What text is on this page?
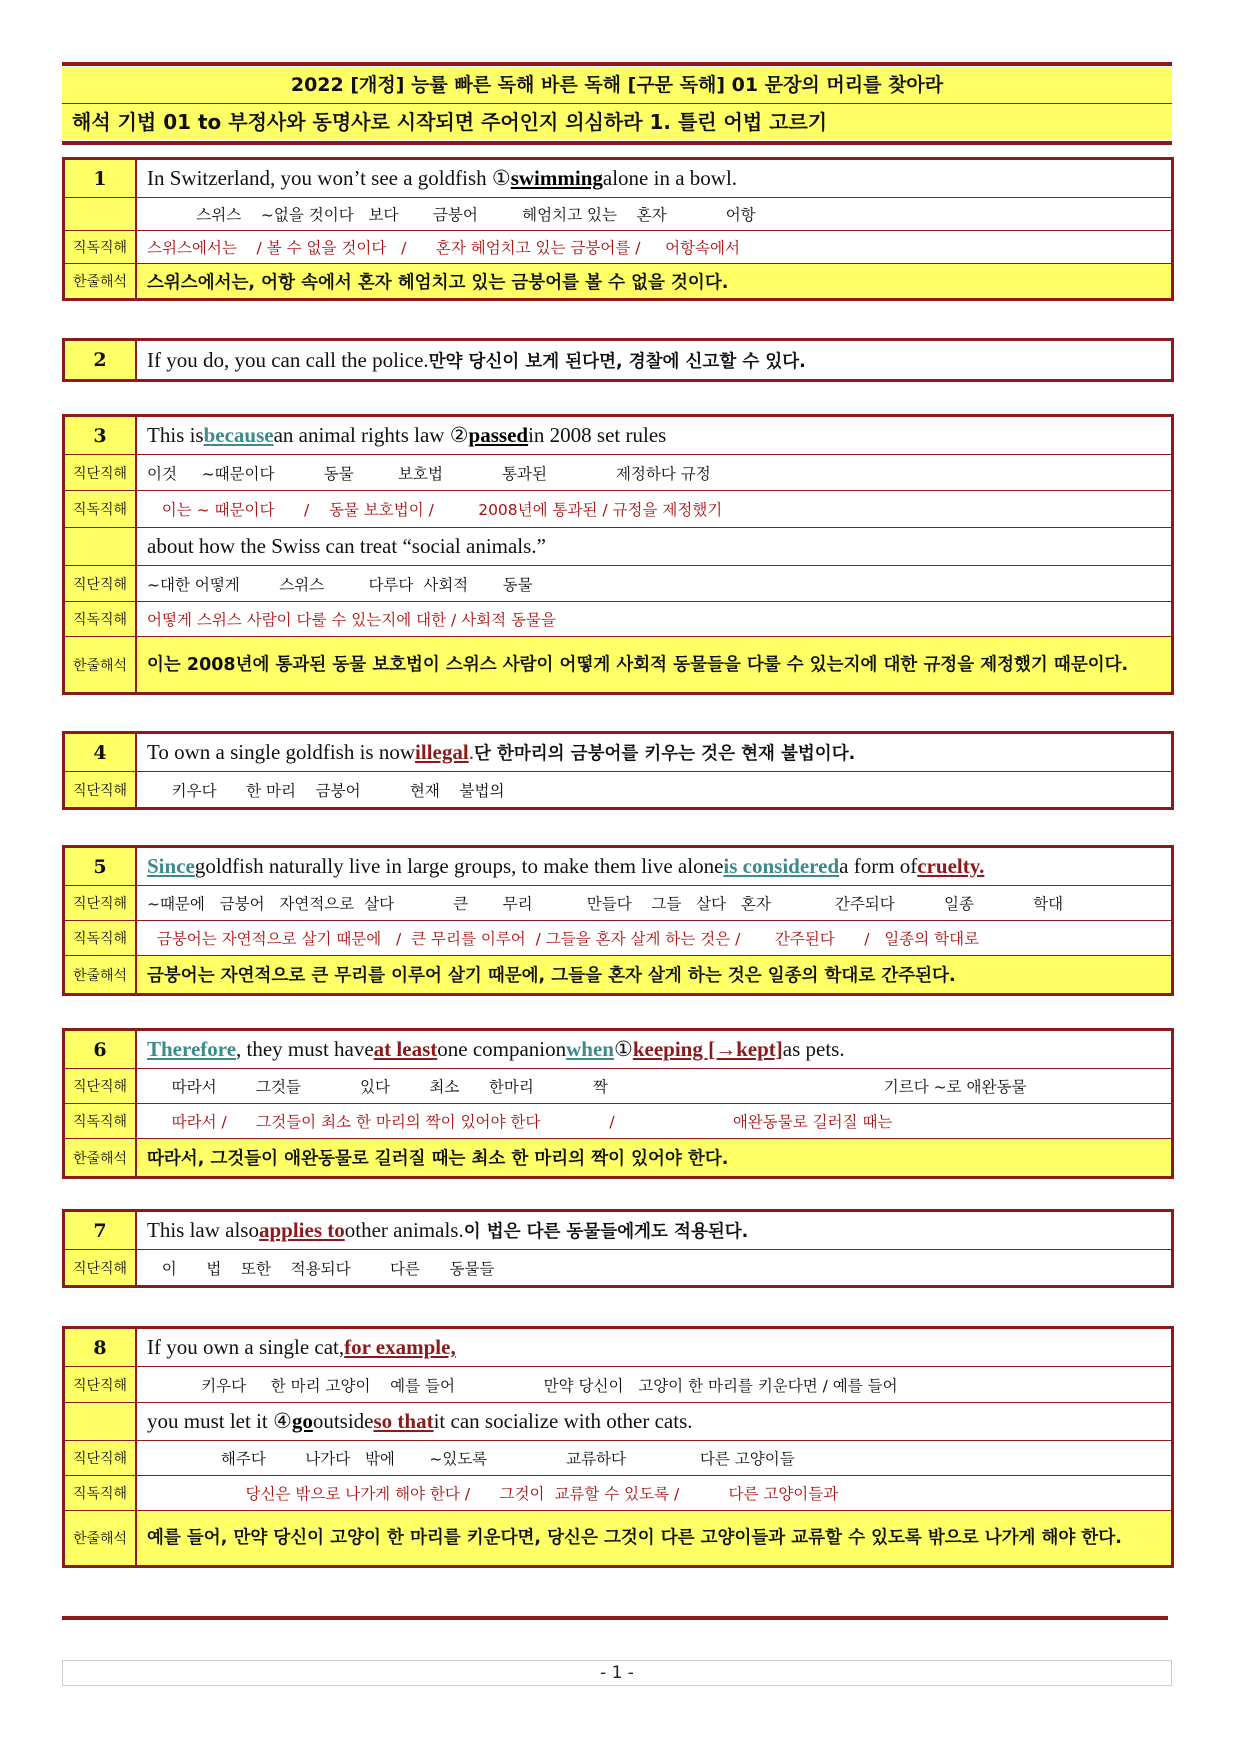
2022 [개정] 능률 빠른 독해 바른 독해 [구문 독해] 01 문장의 머리를 찾아라
해석 기법 01 to 부정사와 동명사로 시작되면 주어인지 의심하라 1. 틀린 어법 고르기
1	In Switzerland, you won’t see a goldfish ① swimming alone in a bowl.
스위스    ~없을 것이다   보다       금붕어         헤엄치고 있는    혼자            어항
직독직해	스위스에서는    / 볼 수 없을 것이다   /      혼자 헤엄치고 있는 금붕어를 /     어항속에서
한줄해석	스위스에서는, 어항 속에서 혼자 헤엄치고 있는 금붕어를 볼 수 없을 것이다.
2	If you do, you can call the police. 만약 당신이 보게 된다면, 경찰에 신고할 수 있다.
3	This is because an animal rights law ② passed in 2008 set rules
직단직해	이것     ~때문이다          동물         보호법            통과된              제정하다 규정
직독직해	이는 ~ 때문이다      /    동물 보호법이 /         2008년에 통과된 / 규정을 제정했기
about how the Swiss can treat “social animals.”
직단직해	~대한 어떻게        스위스         다루다  사회적       동물
직독직해	어떻게 스위스 사람이 다룰 수 있는지에 대한 / 사회적 동물을
한줄해석	이는 2008년에 통과된 동물 보호법이 스위스 사람이 어떻게 사회적 동물들을 다룰 수 있는지에 대한 규정을 제정했기 때문이다.
4	To own a single goldfish is now illegal . 단 한마리의 금붕어를 키우는 것은 현재 불법이다.
직단직해	키우다      한 마리    금붕어          현재    불법의
5	Since goldfish naturally live in large groups, to make them live alone is considered a form of cruelty.
직단직해	~때문에   금붕어   자연적으로  살다            큰       무리           만들다    그들   살다   혼자             간주되다          일종            학대
직독직해	금붕어는 자연적으로 살기 때문에   /  큰 무리를 이루어  / 그들을 혼자 살게 하는 것은 /       간주된다      /   일종의 학대로
한줄해석	금붕어는 자연적으로 큰 무리를 이루어 살기 때문에, 그들을 혼자 살게 하는 것은 일종의 학대로 간주된다.
6	Therefore , they must have at least one companion when ① keeping [→kept] as pets.
직단직해	따라서        그것들            있다        최소      한마리            짝                                                        기르다 ~로 애완동물
직독직해	따라서 /      그것들이 최소 한 마리의 짝이 있어야 한다              /                        애완동물로 길러질 때는
한줄해석	따라서, 그것들이 애완동물로 길러질 때는 최소 한 마리의 짝이 있어야 한다.
7	This law also applies to other animals. 이 법은 다른 동물들에게도 적용된다.
직단직해	이      법    또한    적용되다        다른      동물들
8	If you own a single cat, for example,
직단직해	키우다     한 마리 고양이    예를 들어                  만약 당신이   고양이 한 마리를 키운다면 / 예를 들어
you must let it ④ go outside so that it can socialize with other cats.
직단직해	해주다        나가다   밖에       ~있도록                교류하다               다른 고양이들
직독직해	당신은 밖으로 나가게 해야 한다 /      그것이  교류할 수 있도록 /          다른 고양이들과
한줄해석	예를 들어, 만약 당신이 고양이 한 마리를 키운다면, 당신은 그것이 다른 고양이들과 교류할 수 있도록 밖으로 나가게 해야 한다.
- 1 -
